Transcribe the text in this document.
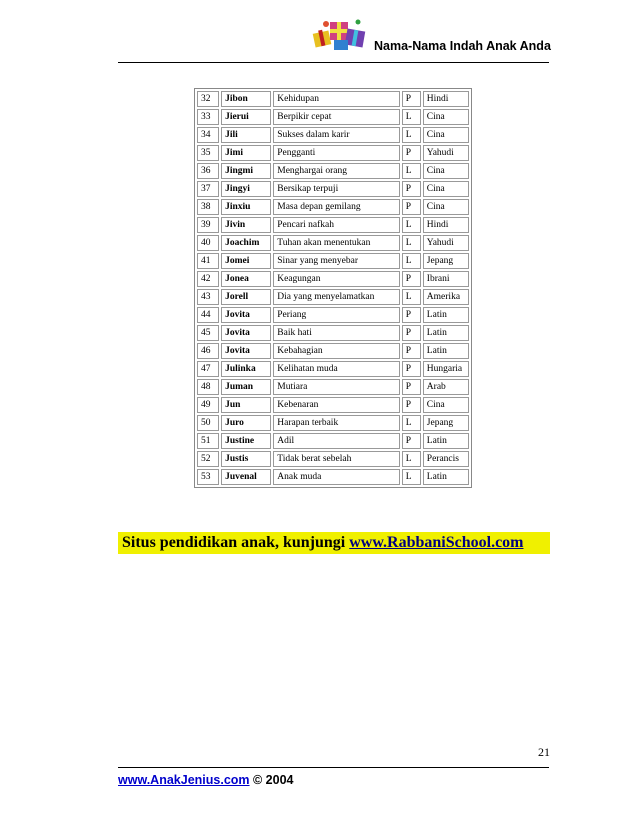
Nama-Nama Indah Anak Anda
32	Jibon	Kehidupan	P	Hindi
33	Jierui	Berpikir cepat	L	Cina
34	Jili	Sukses dalam karir	L	Cina
35	Jimi	Pengganti	P	Yahudi
36	Jingmi	Menghargai orang	L	Cina
37	Jingyi	Bersikap terpuji	P	Cina
38	Jinxiu	Masa depan gemilang	P	Cina
39	Jivin	Pencari nafkah	L	Hindi
40	Joachim	Tuhan akan menentukan	L	Yahudi
41	Jomei	Sinar yang menyebar	L	Jepang
42	Jonea	Keagungan	P	Ibrani
43	Jorell	Dia yang menyelamatkan	L	Amerika
44	Jovita	Periang	P	Latin
45	Jovita	Baik hati	P	Latin
46	Jovita	Kebahagian	P	Latin
47	Julinka	Kelihatan muda	P	Hungaria
48	Juman	Mutiara	P	Arab
49	Jun	Kebenaran	P	Cina
50	Juro	Harapan terbaik	L	Jepang
51	Justine	Adil	P	Latin
52	Justis	Tidak berat sebelah	L	Perancis
53	Juvenal	Anak muda	L	Latin
Situs pendidikan anak, kunjungi www.RabbaniSchool.com
21
www.AnakJenius.com © 2004
